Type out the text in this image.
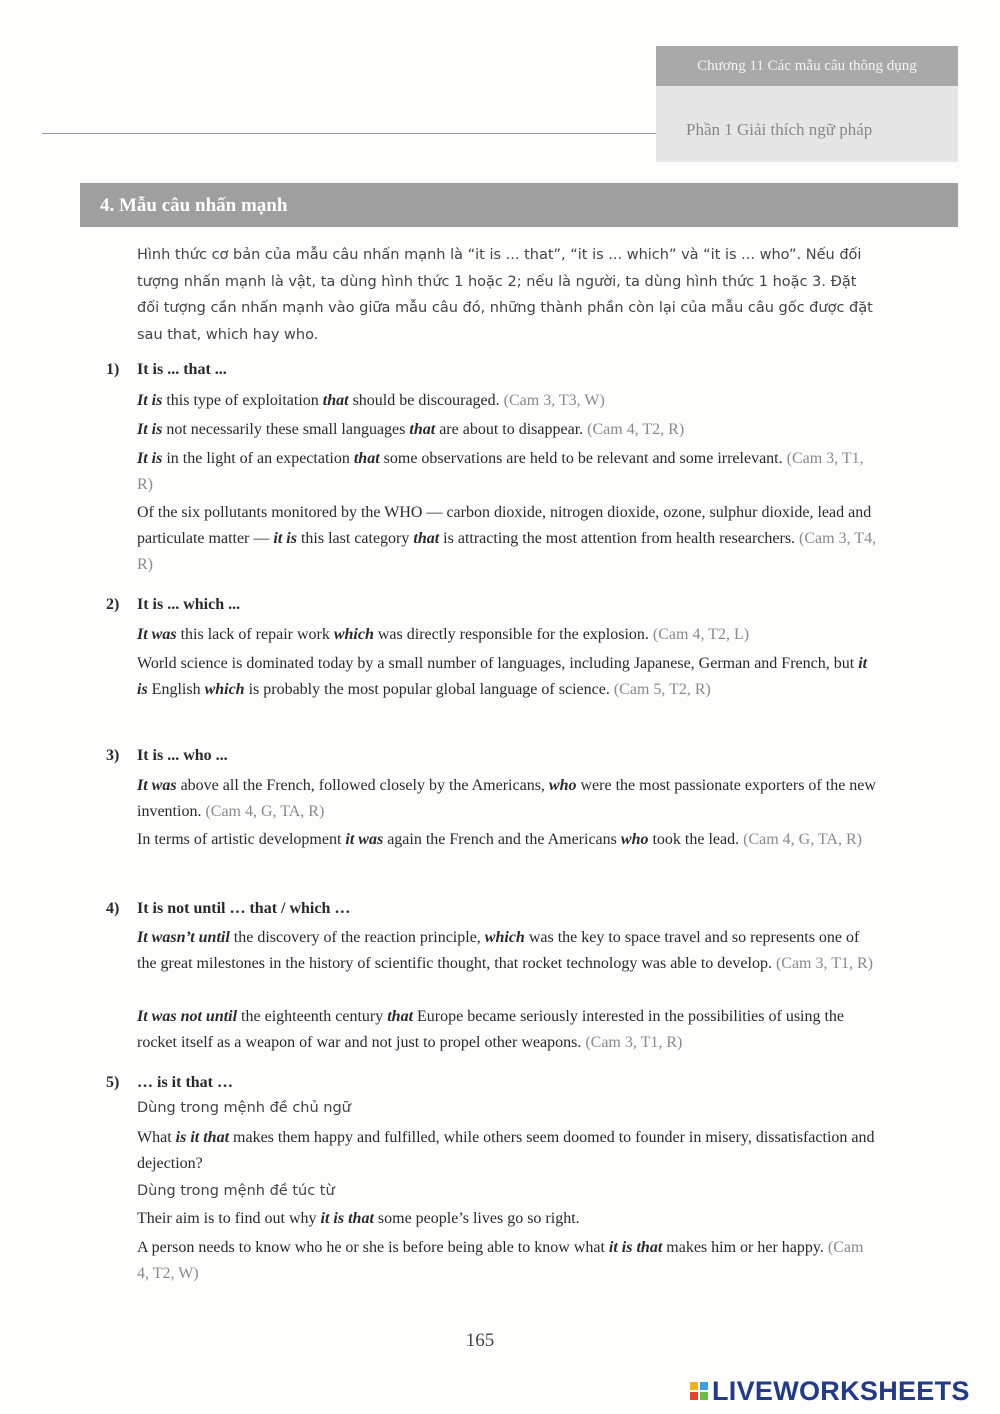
Chương 11 Các mẫu câu thông dụng
Phần 1 Giải thích ngữ pháp
4. Mẫu câu nhấn mạnh
Hình thức cơ bản của mẫu câu nhấn mạnh là “it is ... that”, “it is ... which” và “it is ... who”. Nếu đối tượng nhấn mạnh là vật, ta dùng hình thức 1 hoặc 2; nếu là người, ta dùng hình thức 1 hoặc 3. Đặt đối tượng cần nhấn mạnh vào giữa mẫu câu đó, những thành phần còn lại của mẫu câu gốc được đặt sau that, which hay who.
1) It is ... that ...
It is this type of exploitation that should be discouraged. (Cam 3, T3, W)
It is not necessarily these small languages that are about to disappear. (Cam 4, T2, R)
It is in the light of an expectation that some observations are held to be relevant and some irrelevant. (Cam 3, T1, R)
Of the six pollutants monitored by the WHO — carbon dioxide, nitrogen dioxide, ozone, sulphur dioxide, lead and particulate matter — it is this last category that is attracting the most attention from health researchers. (Cam 3, T4, R)
2) It is ... which ...
It was this lack of repair work which was directly responsible for the explosion. (Cam 4, T2, L)
World science is dominated today by a small number of languages, including Japanese, German and French, but it is English which is probably the most popular global language of science. (Cam 5, T2, R)
3) It is ... who ...
It was above all the French, followed closely by the Americans, who were the most passionate exporters of the new invention. (Cam 4, G, TA, R)
In terms of artistic development it was again the French and the Americans who took the lead. (Cam 4, G, TA, R)
4) It is not until … that / which …
It wasn’t until the discovery of the reaction principle, which was the key to space travel and so represents one of the great milestones in the history of scientific thought, that rocket technology was able to develop. (Cam 3, T1, R)
It was not until the eighteenth century that Europe became seriously interested in the possibilities of using the rocket itself as a weapon of war and not just to propel other weapons. (Cam 3, T1, R)
5) … is it that …
Dùng trong mệnh đề chủ ngữ
What is it that makes them happy and fulfilled, while others seem doomed to founder in misery, dissatisfaction and dejection?
Dùng trong mệnh đề túc từ
Their aim is to find out why it is that some people’s lives go so right.
A person needs to know who he or she is before being able to know what it is that makes him or her happy. (Cam 4, T2, W)
165
LIVEWORKSHEETS
